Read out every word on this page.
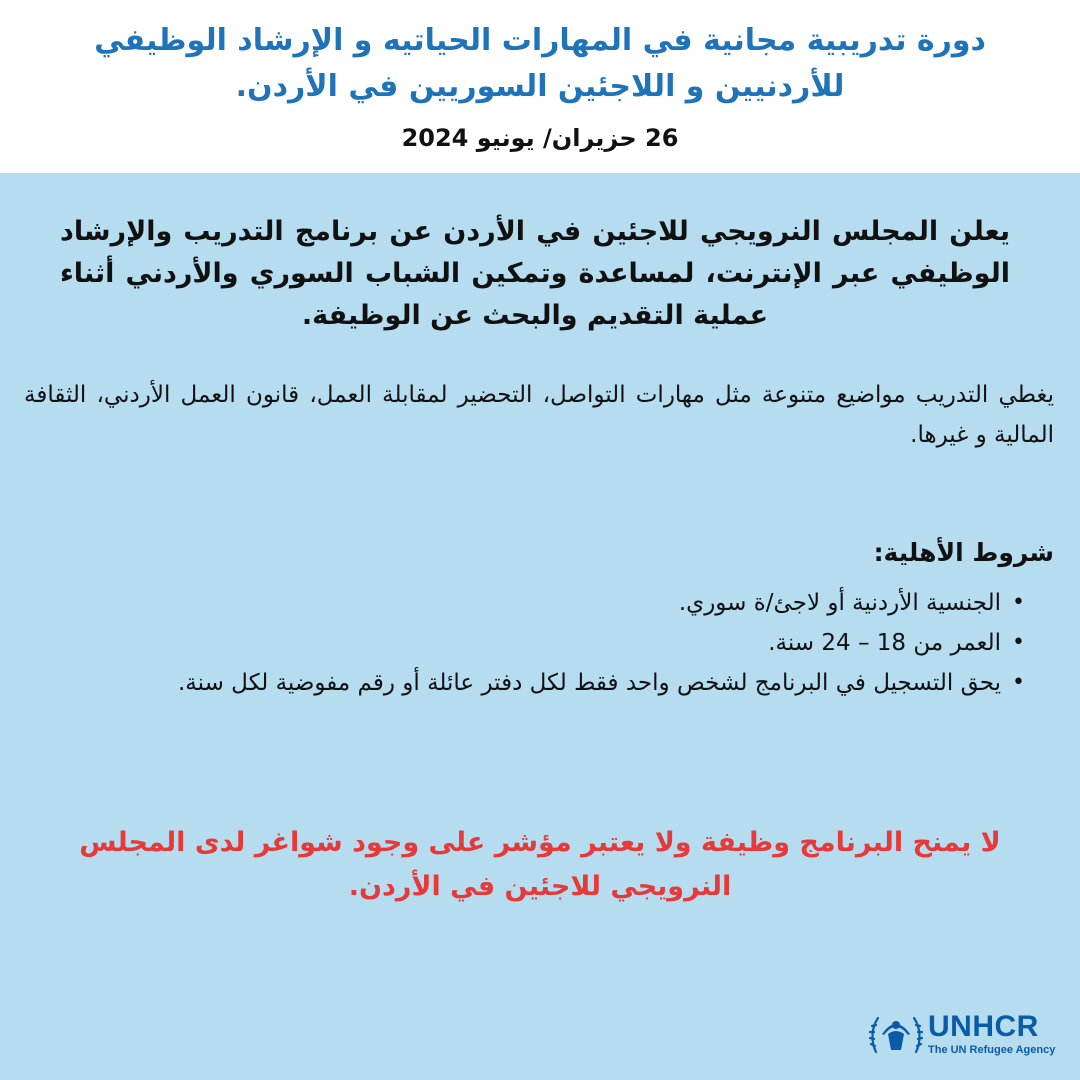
دورة تدريبية مجانية في المهارات الحياتيه و الإرشاد الوظيفي للأردنيين و اللاجئين السوريين في الأردن.

26 حزيران/ يونيو 2024

يعلن المجلس النرويجي للاجئين في الأردن عن برنامج التدريب والإرشاد الوظيفي عبر الإنترنت، لمساعدة وتمكين الشباب السوري والأردني أثناء عملية التقديم والبحث عن الوظيفة.

يغطي التدريب مواضيع متنوعة مثل مهارات التواصل، التحضير لمقابلة العمل، قانون العمل الأردني، الثقافة المالية و غيرها.

شروط الأهلية:

•
الجنسية الأردنية أو لاجئ/ة سوري.
•
العمر من 18 – 24 سنة.
•
يحق التسجيل في البرنامج لشخص واحد فقط لكل دفتر عائلة أو رقم مفوضية لكل سنة.

لا يمنح البرنامج وظيفة ولا يعتبر مؤشر على وجود شواغر لدى المجلس النرويجي للاجئين في الأردن.

UNHCR
The UN Refugee Agency
